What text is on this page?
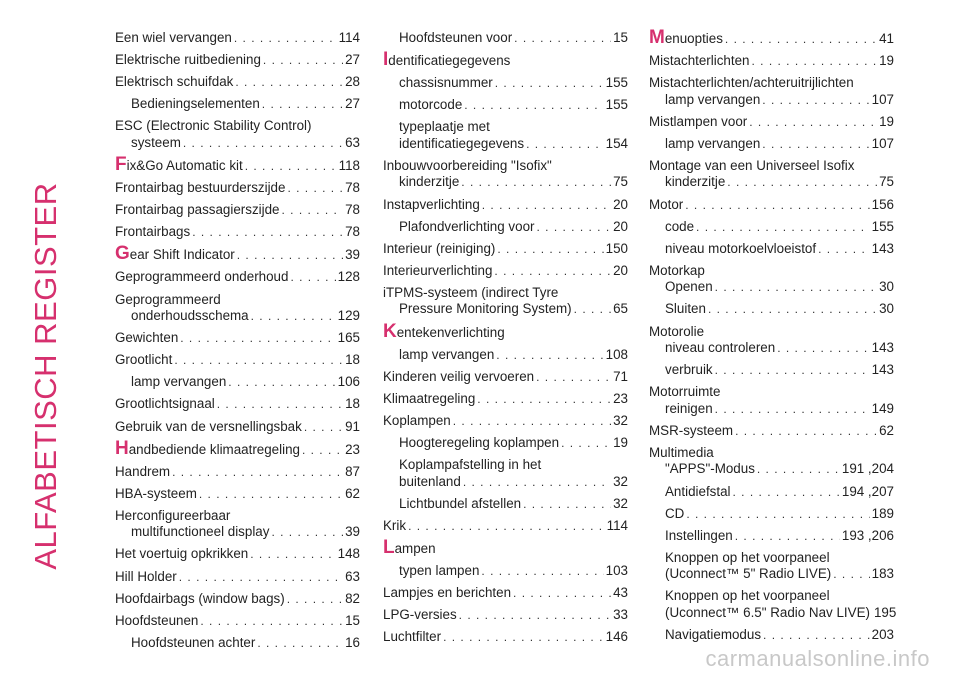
ALFABETISCH REGISTER
Een wiel vervangen . . .	114
Elektrische ruitbediening . . .	27
Elektrisch schuifdak . . .	28
Bedieningselementen . . .	27
ESC (Electronic Stability Control)
systeem . . .	63
Fix&Go Automatic kit . . .	118
Frontairbag bestuurderszijde . . .	78
Frontairbag passagierszijde . . .	78
Frontairbags . . .	78
Gear Shift Indicator . . .	39
Geprogrammeerd onderhoud . . .	128
Geprogrammeerd
onderhoudsschema . . .	129
Gewichten . . .	165
Grootlicht . . .	18
lamp vervangen . . .	106
Grootlichtsignaal . . .	18
Gebruik van de versnellingsbak . . .	91
Handbediende klimaatregeling . . .	23
Handrem . . .	87
HBA-systeem . . .	62
Herconfigureerbaar
multifunctioneel display . . .	39
Het voertuig opkrikken . . .	148
Hill Holder . . .	63
Hoofdairbags (window bags) . . .	82
Hoofdsteunen . . .	15
Hoofdsteunen achter . . .	16
Hoofdsteunen voor . . .	15
Identificatiegegevens
chassisnummer . . .	155
motorcode . . .	155
typeplaatje met
identificatiegegevens . . .	154
Inbouwvoorbereiding "Isofix"
kinderzitje . . .	75
Instapverlichting . . .	20
Plafondverlichting voor . . .	20
Interieur (reiniging) . . .	150
Interieurverlichting . . .	20
iTPMS-systeem (indirect Tyre
Pressure Monitoring System) . . .	65
Kentekenverlichting
lamp vervangen . . .	108
Kinderen veilig vervoeren . . .	71
Klimaatregeling . . .	23
Koplampen . . .	32
Hoogteregeling koplampen . . .	19
Koplampafstelling in het
buitenland . . .	32
Lichtbundel afstellen . . .	32
Krik . . .	114
Lampen
typen lampen . . .	103
Lampjes en berichten . . .	43
LPG-versies . . .	33
Luchtfilter . . .	146
Menuopties . . .	41
Mistachterlichten . . .	19
Mistachterlichten/achteruitrijlichten
lamp vervangen . . .	107
Mistlampen voor . . .	19
lamp vervangen . . .	107
Montage van een Universeel Isofix
kinderzitje . . .	75
Motor . . .	156
code . . .	155
niveau motorkoelvloeistof . . .	143
Motorkap
Openen . . .	30
Sluiten . . .	30
Motorolie
niveau controleren . . .	143
verbruik . . .	143
Motorruimte
reinigen . . .	149
MSR-systeem . . .	62
Multimedia
"APPS"-Modus . . .	191 ,204
Antidiefstal . . .	194 ,207
CD . . .	189
Instellingen . . .	193 ,206
Knoppen op het voorpaneel
(Uconnect™ 5" Radio LIVE) . . .	183
Knoppen op het voorpaneel
(Uconnect™ 6.5" Radio Nav LIVE) 195
Navigatiemodus . . .	203
carmanualsonline.info
